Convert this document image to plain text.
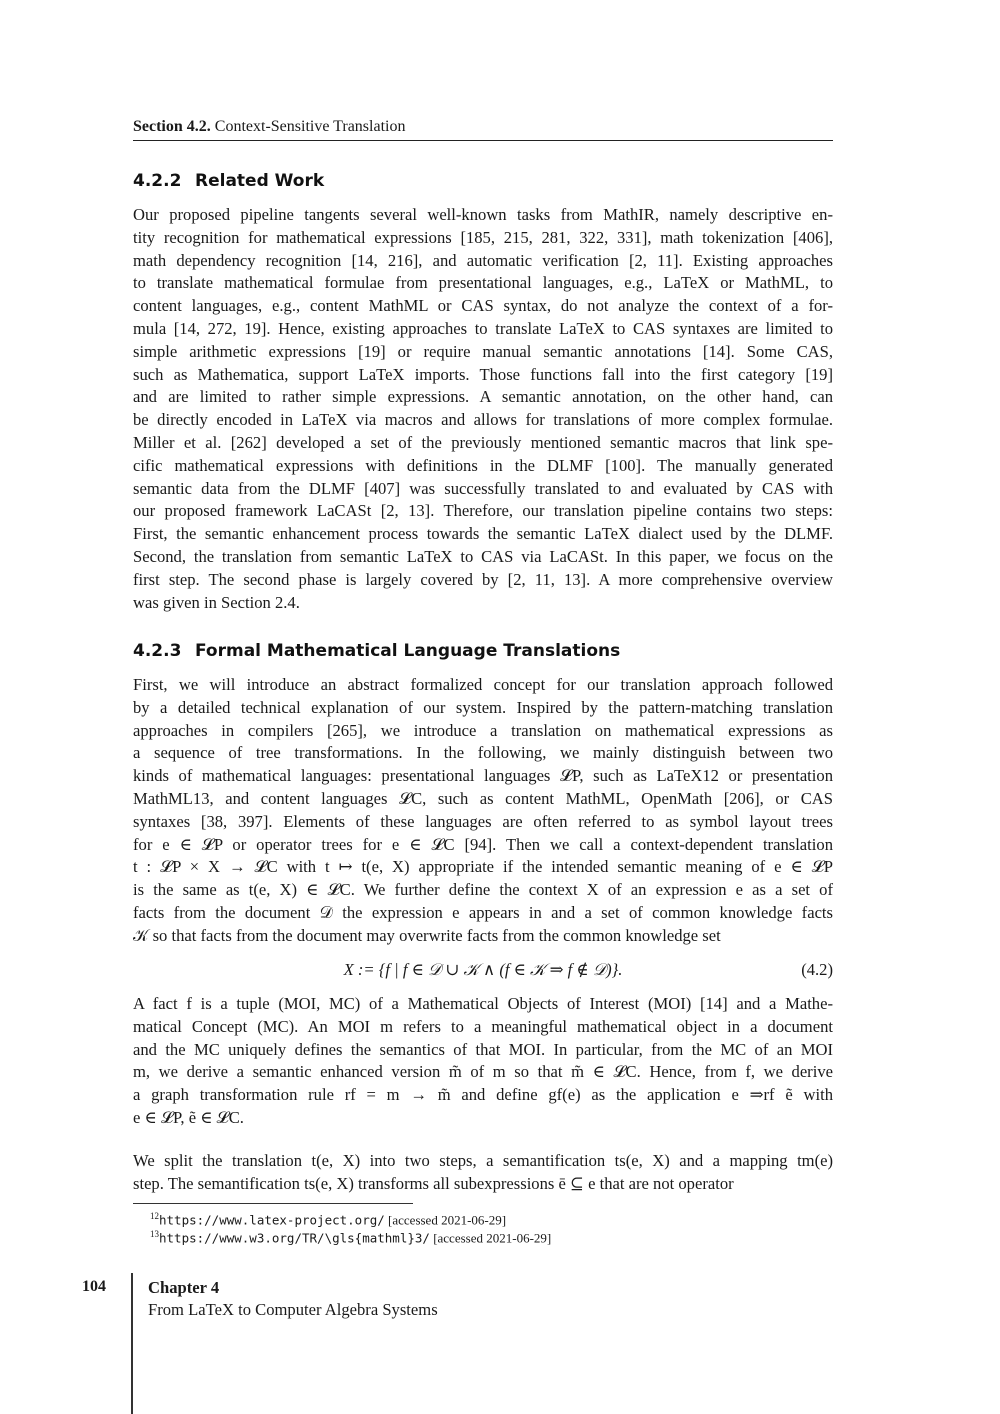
Section 4.2. Context-Sensitive Translation
4.2.2 Related Work
Our proposed pipeline tangents several well-known tasks from MathIR, namely descriptive en-
tity recognition for mathematical expressions [185, 215, 281, 322, 331], math tokenization [406],
math dependency recognition [14, 216], and automatic verification [2, 11]. Existing approaches
to translate mathematical formulae from presentational languages, e.g., LaTeX or MathML, to
content languages, e.g., content MathML or CAS syntax, do not analyze the context of a for-
mula [14, 272, 19]. Hence, existing approaches to translate LaTeX to CAS syntaxes are limited to
simple arithmetic expressions [19] or require manual semantic annotations [14]. Some CAS,
such as Mathematica, support LaTeX imports. Those functions fall into the first category [19]
and are limited to rather simple expressions. A semantic annotation, on the other hand, can
be directly encoded in LaTeX via macros and allows for translations of more complex formulae.
Miller et al. [262] developed a set of the previously mentioned semantic macros that link spe-
cific mathematical expressions with definitions in the DLMF [100]. The manually generated
semantic data from the DLMF [407] was successfully translated to and evaluated by CAS with
our proposed framework LaCASt [2, 13]. Therefore, our translation pipeline contains two steps:
First, the semantic enhancement process towards the semantic LaTeX dialect used by the DLMF.
Second, the translation from semantic LaTeX to CAS via LaCASt. In this paper, we focus on the
first step. The second phase is largely covered by [2, 11, 13]. A more comprehensive overview
was given in Section 2.4.
4.2.3 Formal Mathematical Language Translations
First, we will introduce an abstract formalized concept for our translation approach followed
by a detailed technical explanation of our system. Inspired by the pattern-matching translation
approaches in compilers [265], we introduce a translation on mathematical expressions as
a sequence of tree transformations. In the following, we mainly distinguish between two
kinds of mathematical languages: presentational languages 𝓛P, such as LaTeX12 or presentation
MathML13, and content languages 𝓛C, such as content MathML, OpenMath [206], or CAS
syntaxes [38, 397]. Elements of these languages are often referred to as symbol layout trees
for e ∈ 𝓛P or operator trees for e ∈ 𝓛C [94]. Then we call a context-dependent translation
t : 𝓛P × X → 𝓛C with t ↦ t(e, X) appropriate if the intended semantic meaning of e ∈ 𝓛P
is the same as t(e, X) ∈ 𝓛C. We further define the context X of an expression e as a set of
facts from the document 𝒟 the expression e appears in and a set of common knowledge facts
𝒦 so that facts from the document may overwrite facts from the common knowledge set
X := {f | f ∈ 𝒟 ∪ 𝒦 ∧ (f ∈ 𝒦 ⇒ f ∉ 𝒟)}.	(4.2)
A fact f is a tuple (MOI, MC) of a Mathematical Objects of Interest (MOI) [14] and a Mathe-
matical Concept (MC). An MOI m refers to a meaningful mathematical object in a document
and the MC uniquely defines the semantics of that MOI. In particular, from the MC of an MOI
m, we derive a semantic enhanced version m̃ of m so that m̃ ∈ 𝓛C. Hence, from f, we derive
a graph transformation rule rf = m → m̃ and define gf(e) as the application e ⇒rf ẽ with
e ∈ 𝓛P, ẽ ∈ 𝓛C.
We split the translation t(e, X) into two steps, a semantification ts(e, X) and a mapping tm(e)
step. The semantification ts(e, X) transforms all subexpressions ē ⊆ e that are not operator
$^{12}$https://www.latex-project.org/ [accessed 2021-06-29]
$^{13}$https://www.w3.org/TR/\gls{mathml}3/ [accessed 2021-06-29]
104	Chapter 4
From LaTeX to Computer Algebra Systems
